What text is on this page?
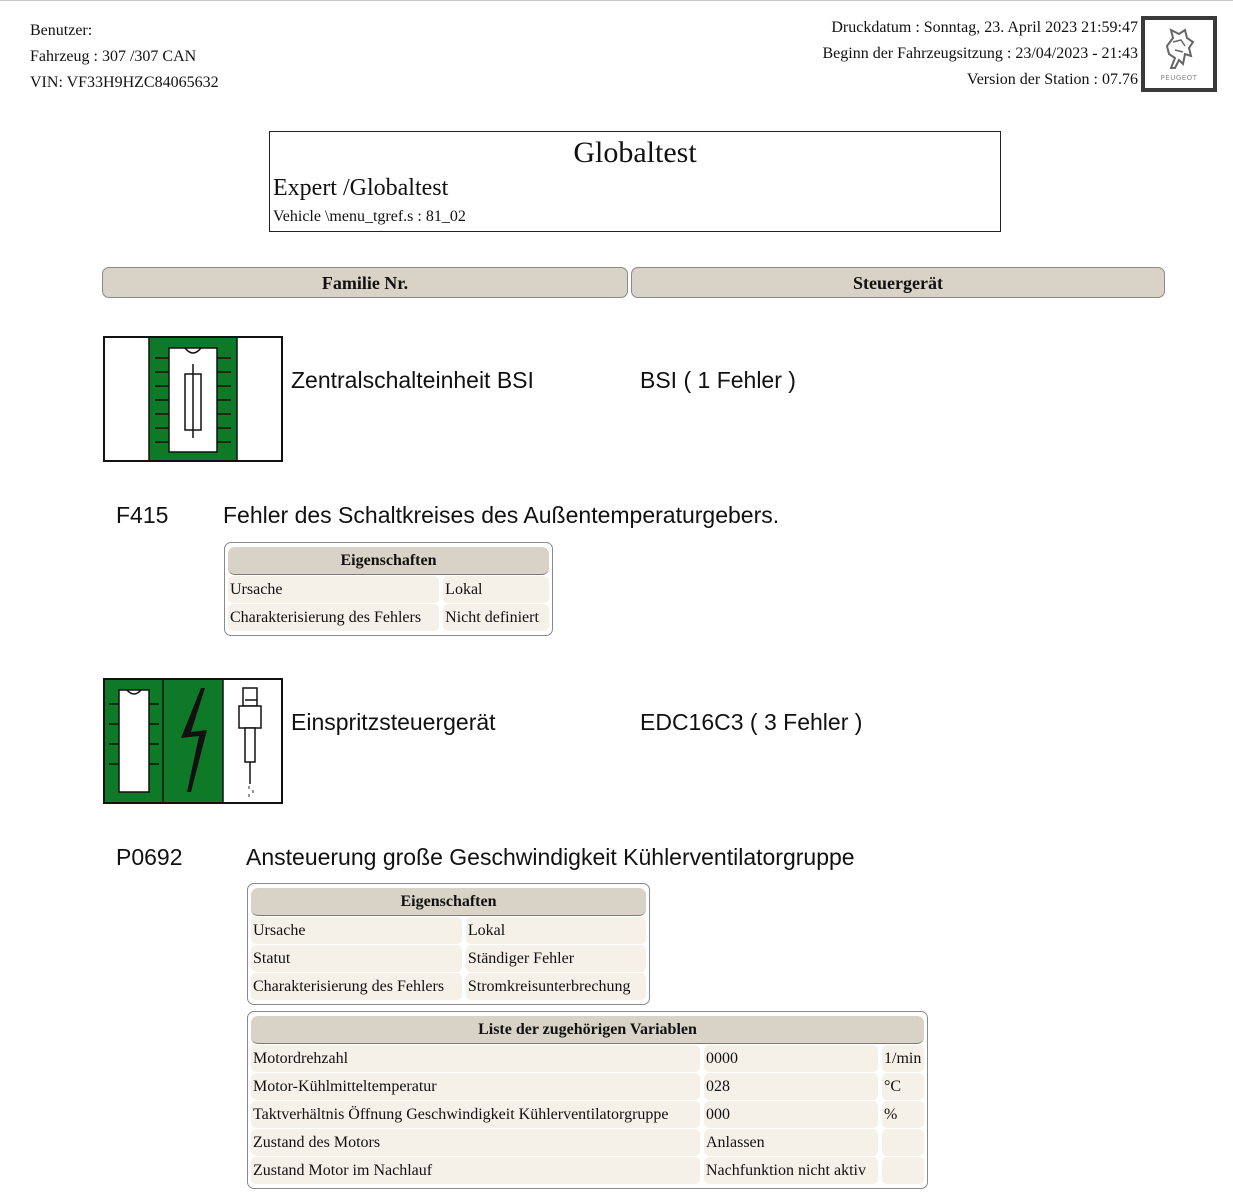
Benutzer:
Fahrzeug : 307 /307 CAN
VIN: VF33H9HZC84065632
Druckdatum : Sonntag, 23. April 2023 21:59:47
Beginn der Fahrzeugsitzung : 23/04/2023 - 21:43
Version der Station : 07.76	PEUGEOT
Globaltest
Expert /Globaltest
Vehicle \menu_tgref.s : 81_02
Familie Nr.	Steuergerät
Zentralschalteinheit BSI	BSI ( 1 Fehler )
F415 Fehler des Schaltkreises des Außentemperaturgebers.
Eigenschaften		
Ursache		Lokal
Charakterisierung des Fehlers		Nicht definiert
Einspritzsteuergerät	EDC16C3 ( 3 Fehler )
P0692	Ansteuerung große Geschwindigkeit Kühlerventilatorgruppe
Eigenschaften		
Ursache		Lokal
Statut		Ständiger Fehler
Charakterisierung des Fehlers		Stromkreisunterbrechung
Liste der zugehörigen Variablen				
Motordrehzahl		0000		1/min
Motor-Kühlmitteltemperatur		028		°C
Taktverhältnis Öffnung Geschwindigkeit Kühlerventilatorgruppe		000		%
Zustand des Motors		Anlassen		
Zustand Motor im Nachlauf		Nachfunktion nicht aktiv		
